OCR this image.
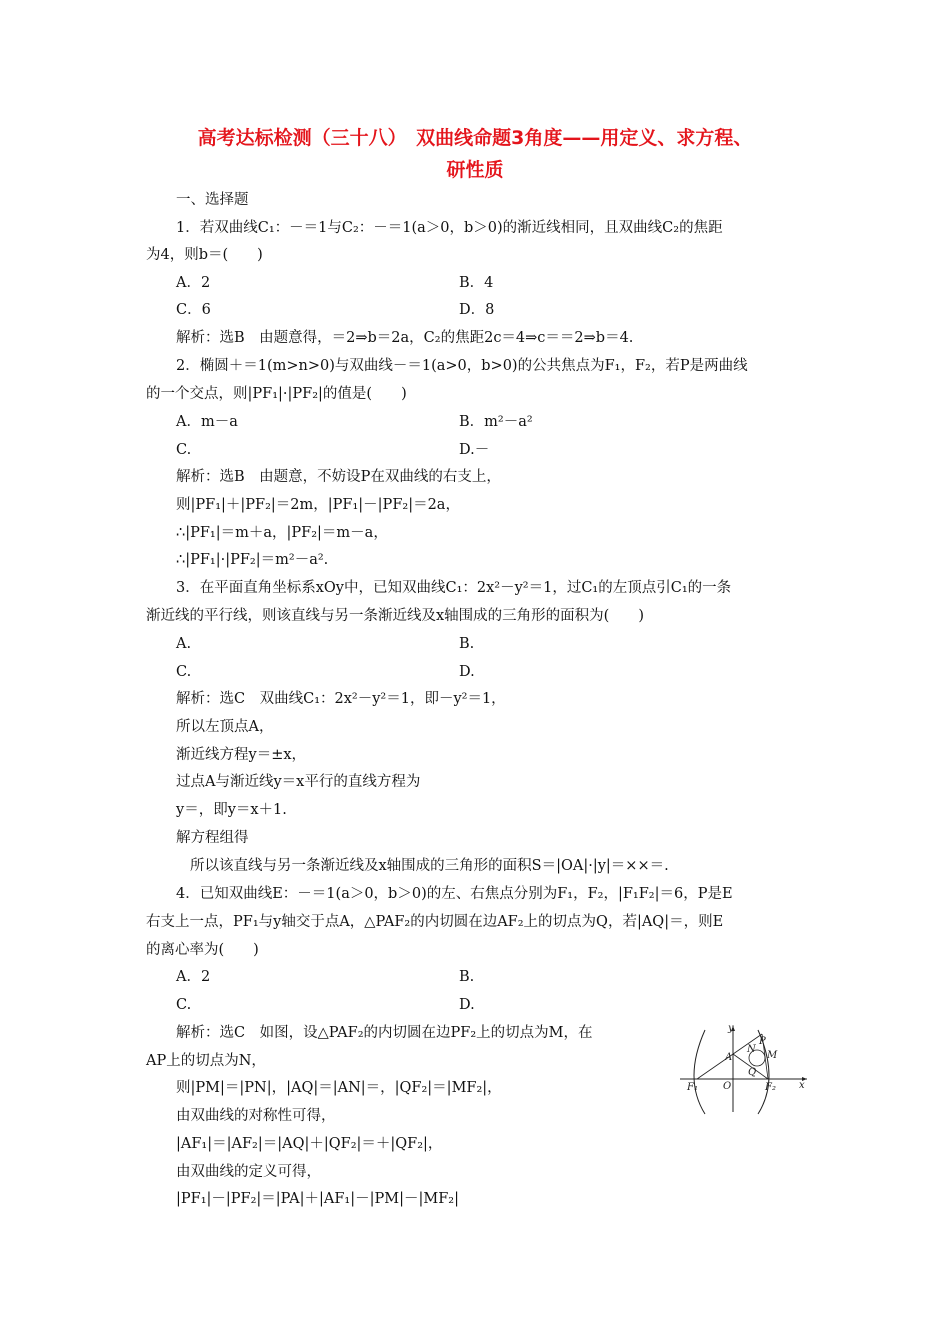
高考达标检测（三十八）　双曲线命题3角度——用定义、求方程、
研性质
一、选择题
1．若双曲线C₁：－＝1与C₂：－＝1(a＞0，b＞0)的渐近线相同，且双曲线C₂的焦距
为4，则b＝(　　)
A．2	B．4
C．6	D．8
解析：选B　由题意得，＝2⇒b＝2a，C₂的焦距2c＝4⇒c＝＝2⇒b＝4.
2．椭圆＋＝1(m>n>0)与双曲线－＝1(a>0，b>0)的公共焦点为F₁，F₂，若P是两曲线
的一个交点，则|PF₁|·|PF₂|的值是(　　)
A．m－a	B．m²－a²
C.	D.－
解析：选B　由题意，不妨设P在双曲线的右支上，
则|PF₁|＋|PF₂|＝2m，|PF₁|－|PF₂|＝2a，
∴|PF₁|＝m＋a，|PF₂|＝m－a，
∴|PF₁|·|PF₂|＝m²－a².
3．在平面直角坐标系xOy中，已知双曲线C₁：2x²－y²＝1，过C₁的左顶点引C₁的一条
渐近线的平行线，则该直线与另一条渐近线及x轴围成的三角形的面积为(　　)
A.	B.
C.	D.
解析：选C　双曲线C₁：2x²－y²＝1，即－y²＝1，
所以左顶点A，
渐近线方程y＝±x，
过点A与渐近线y＝x平行的直线方程为
y＝，即y＝x＋1.
解方程组得
所以该直线与另一条渐近线及x轴围成的三角形的面积S＝|OA|·|y|＝××＝.
4．已知双曲线E：－＝1(a＞0，b＞0)的左、右焦点分别为F₁，F₂，|F₁F₂|＝6，P是E
右支上一点，PF₁与y轴交于点A，△PAF₂的内切圆在边AF₂上的切点为Q，若|AQ|＝，则E
的离心率为(　　)
A．2	B.
C.	D.
解析：选C　如图，设△PAF₂的内切圆在边PF₂上的切点为M，在
AP上的切点为N，
则|PM|＝|PN|，|AQ|＝|AN|＝，|QF₂|＝|MF₂|，
由双曲线的对称性可得，
|AF₁|＝|AF₂|＝|AQ|＋|QF₂|＝＋|QF₂|，
由双曲线的定义可得，
|PF₁|－|PF₂|＝|PA|＋|AF₁|－|PM|－|MF₂|
y
x
O
A
N
P
M
Q
F₁	F₂
